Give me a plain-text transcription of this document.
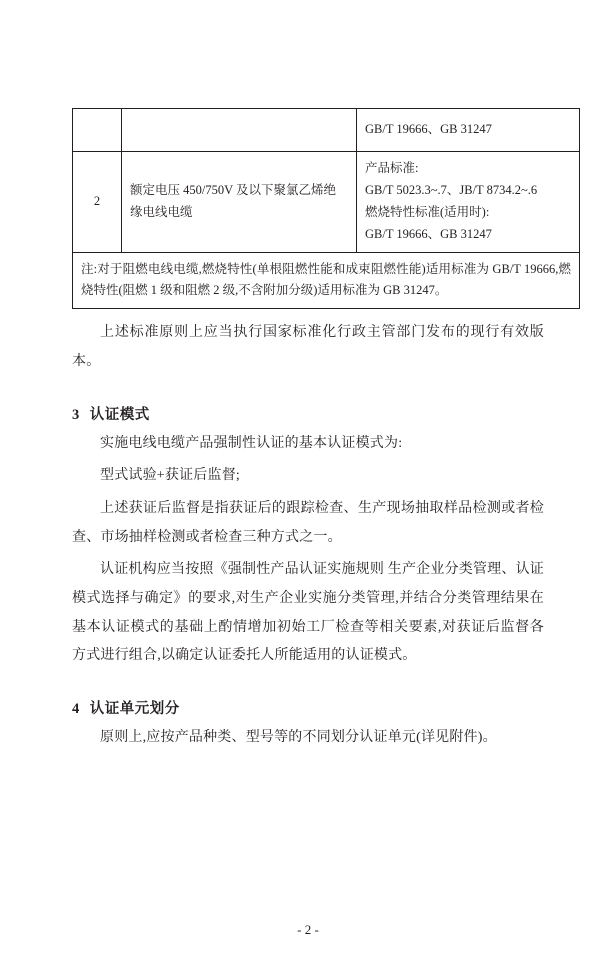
		GB/T 19666、GB 31247

2	额定电压 450/750V 及以下聚氯乙烯绝缘电线电缆	产品标准:
GB/T 5023.3~.7、JB/T 8734.2~.6
燃烧特性标准(适用时):
GB/T 19666、GB 31247

注:对于阻燃电线电缆,燃烧特性(单根阻燃性能和成束阻燃性能)适用标准为 GB/T 19666,燃烧特性(阻燃 1 级和阻燃 2 级,不含附加分级)适用标准为 GB 31247。		

上述标准原则上应当执行国家标准化行政主管部门发布的现行有效版本。

3 认证模式

实施电线电缆产品强制性认证的基本认证模式为:

型式试验+获证后监督;

上述获证后监督是指获证后的跟踪检查、生产现场抽取样品检测或者检查、市场抽样检测或者检查三种方式之一。

认证机构应当按照《强制性产品认证实施规则 生产企业分类管理、认证模式选择与确定》的要求,对生产企业实施分类管理,并结合分类管理结果在基本认证模式的基础上酌情增加初始工厂检查等相关要素,对获证后监督各方式进行组合,以确定认证委托人所能适用的认证模式。

4 认证单元划分

原则上,应按产品种类、型号等的不同划分认证单元(详见附件)。

- 2 -
